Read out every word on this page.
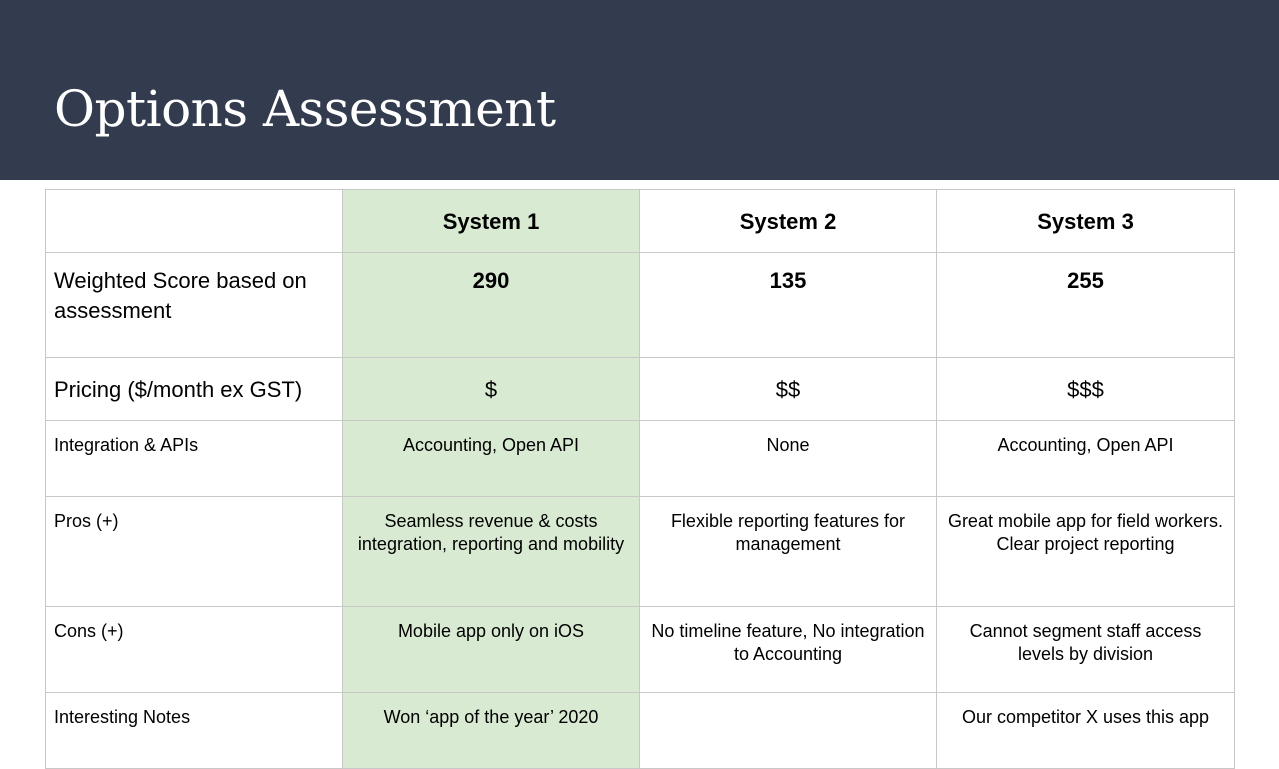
Options Assessment
	System 1	System 2	System 3
Weighted Score based on assessment	290	135	255
Pricing ($/month ex GST)	$	$$	$$$
Integration & APIs	Accounting, Open API	None	Accounting, Open API
Pros (+)	Seamless revenue & costs integration, reporting and mobility	Flexible reporting features for management	Great mobile app for field workers. Clear project reporting
Cons (+)	Mobile app only on iOS	No timeline feature, No integration to Accounting	Cannot segment staff access levels by division
Interesting Notes	Won ‘app of the year’ 2020		Our competitor X uses this app
